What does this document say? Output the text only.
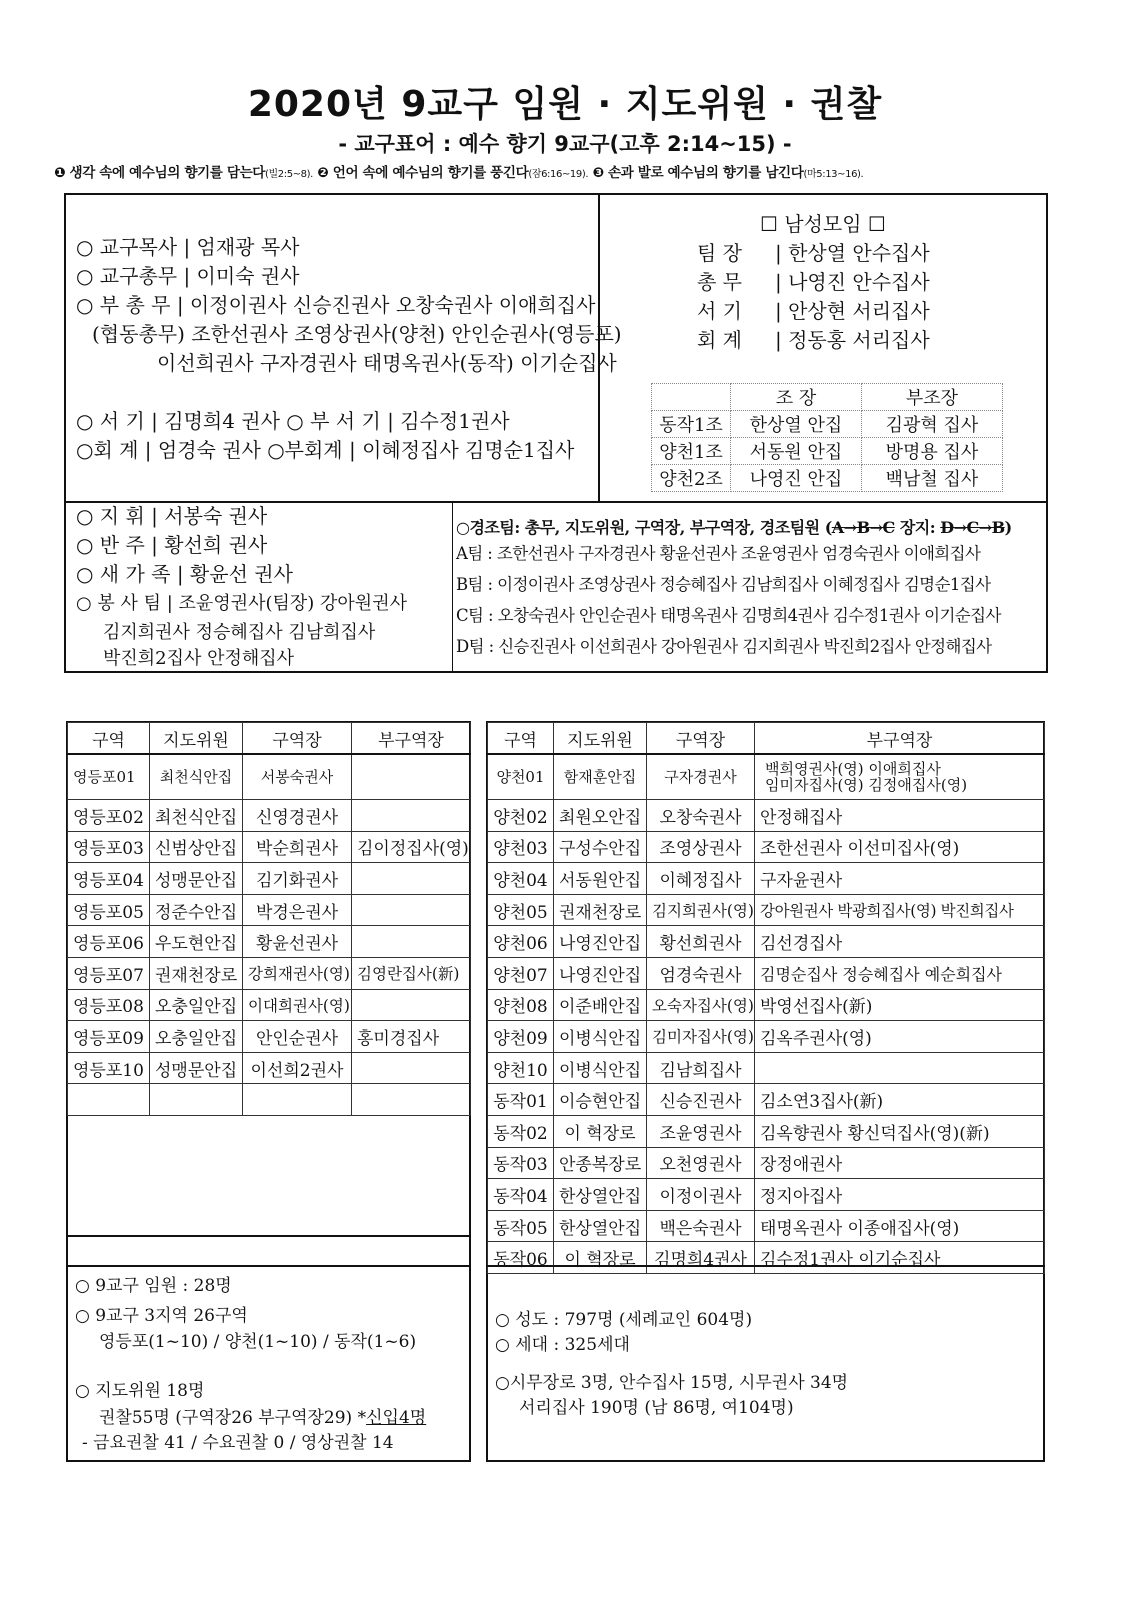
2020년 9교구 임원 · 지도위원 · 권찰
- 교구표어 : 예수 향기 9교구(고후 2:14~15) -
❶ 생각 속에 예수님의 향기를 담는다(빌2:5~8). ❷ 언어 속에 예수님의 향기를 풍긴다(잠6:16~19). ❸ 손과 발로 예수님의 향기를 남긴다(마5:13~16).
○ 교구목사 | 엄재광 목사
○ 교구총무 | 이미숙 권사
○ 부 총 무 | 이정이권사 신승진권사 오창숙권사 이애희집사
(협동총무) 조한선권사 조영상권사(양천) 안인순권사(영등포)
이선희권사 구자경권사 태명옥권사(동작) 이기순집사
○ 서 기 | 김명희4 권사 ○ 부 서 기 | 김수정1권사
○회 계 | 엄경숙 권사 ○부회계 | 이혜정집사 김명순1집사
☐ 남성모임 ☐
팀 장 | 한상열 안수집사
총 무 | 나영진 안수집사
서 기 | 안상현 서리집사
회 계 | 정동홍 서리집사
	조 장	부조장
동작1조	한상열 안집	김광혁 집사
양천1조	서동원 안집	방명용 집사
양천2조	나영진 안집	백남철 집사
○ 지 휘 | 서봉숙 권사
○ 반 주 | 황선희 권사
○ 새 가 족 | 황윤선 권사
○ 봉 사 팀 | 조윤영권사(팀장) 강아원권사
김지희권사 정승혜집사 김남희집사
박진희2집사 안정해집사
○경조팀: 총무, 지도위원, 구역장, 부구역장, 경조팀원 (A→B→C 장지: D→C→B)
A팀 : 조한선권사 구자경권사 황윤선권사 조윤영권사 엄경숙권사 이애희집사
B팀 : 이정이권사 조영상권사 정승혜집사 김남희집사 이혜정집사 김명순1집사
C팀 : 오창숙권사 안인순권사 태명옥권사 김명희4권사 김수정1권사 이기순집사
D팀 : 신승진권사 이선희권사 강아원권사 김지희권사 박진희2집사 안정해집사
구역	지도위원	구역장	부구역장
영등포01	최천식안집	서봉숙권사	
영등포02	최천식안집	신영경권사	
영등포03	신범상안집	박순희권사	김이정집사(영)
영등포04	성맹문안집	김기화권사	
영등포05	정준수안집	박경은권사	
영등포06	우도현안집	황윤선권사	
영등포07	권재천장로	강희재권사(영)	김영란집사(新)
영등포08	오충일안집	이대희권사(영)	
영등포09	오충일안집	안인순권사	홍미경집사
영등포10	성맹문안집	이선희2권사	

구역	지도위원	구역장	부구역장
양천01	함재훈안집	구자경권사	백희영권사(영) 이애희집사
임미자집사(영) 김정애집사(영)

양천02	최원오안집	오창숙권사	안정해집사
양천03	구성수안집	조영상권사	조한선권사 이선미집사(영)
양천04	서동원안집	이혜정집사	구자윤권사
양천05	권재천장로	김지희권사(영)	강아원권사 박광희집사(영) 박진희집사
양천06	나영진안집	황선희권사	김선경집사
양천07	나영진안집	엄경숙권사	김명순집사 정승혜집사 예순희집사
양천08	이준배안집	오숙자집사(영)	박영선집사(新)
양천09	이병식안집	김미자집사(영)	김옥주권사(영)
양천10	이병식안집	김남희집사	
동작01	이승현안집	신승진권사	김소연3집사(新)
동작02	이 혁장로	조윤영권사	김옥향권사 황신덕집사(영)(新)
동작03	안종복장로	오천영권사	장정애권사
동작04	한상열안집	이정이권사	정지아집사
동작05	한상열안집	백은숙권사	태명옥권사 이종애집사(영)
동작06	이 혁장로	김명희4권사	김수정1권사 이기순집사
○ 9교구 임원 : 28명
○ 9교구 3지역 26구역
영등포(1~10) / 양천(1~10) / 동작(1~6)
○ 지도위원 18명
권찰55명 (구역장26 부구역장29) *신입4명
- 금요권찰 41 / 수요권찰 0 / 영상권찰 14
○ 성도 : 797명 (세례교인 604명)
○ 세대 : 325세대
○시무장로 3명, 안수집사 15명, 시무권사 34명
서리집사 190명 (남 86명, 여104명)
